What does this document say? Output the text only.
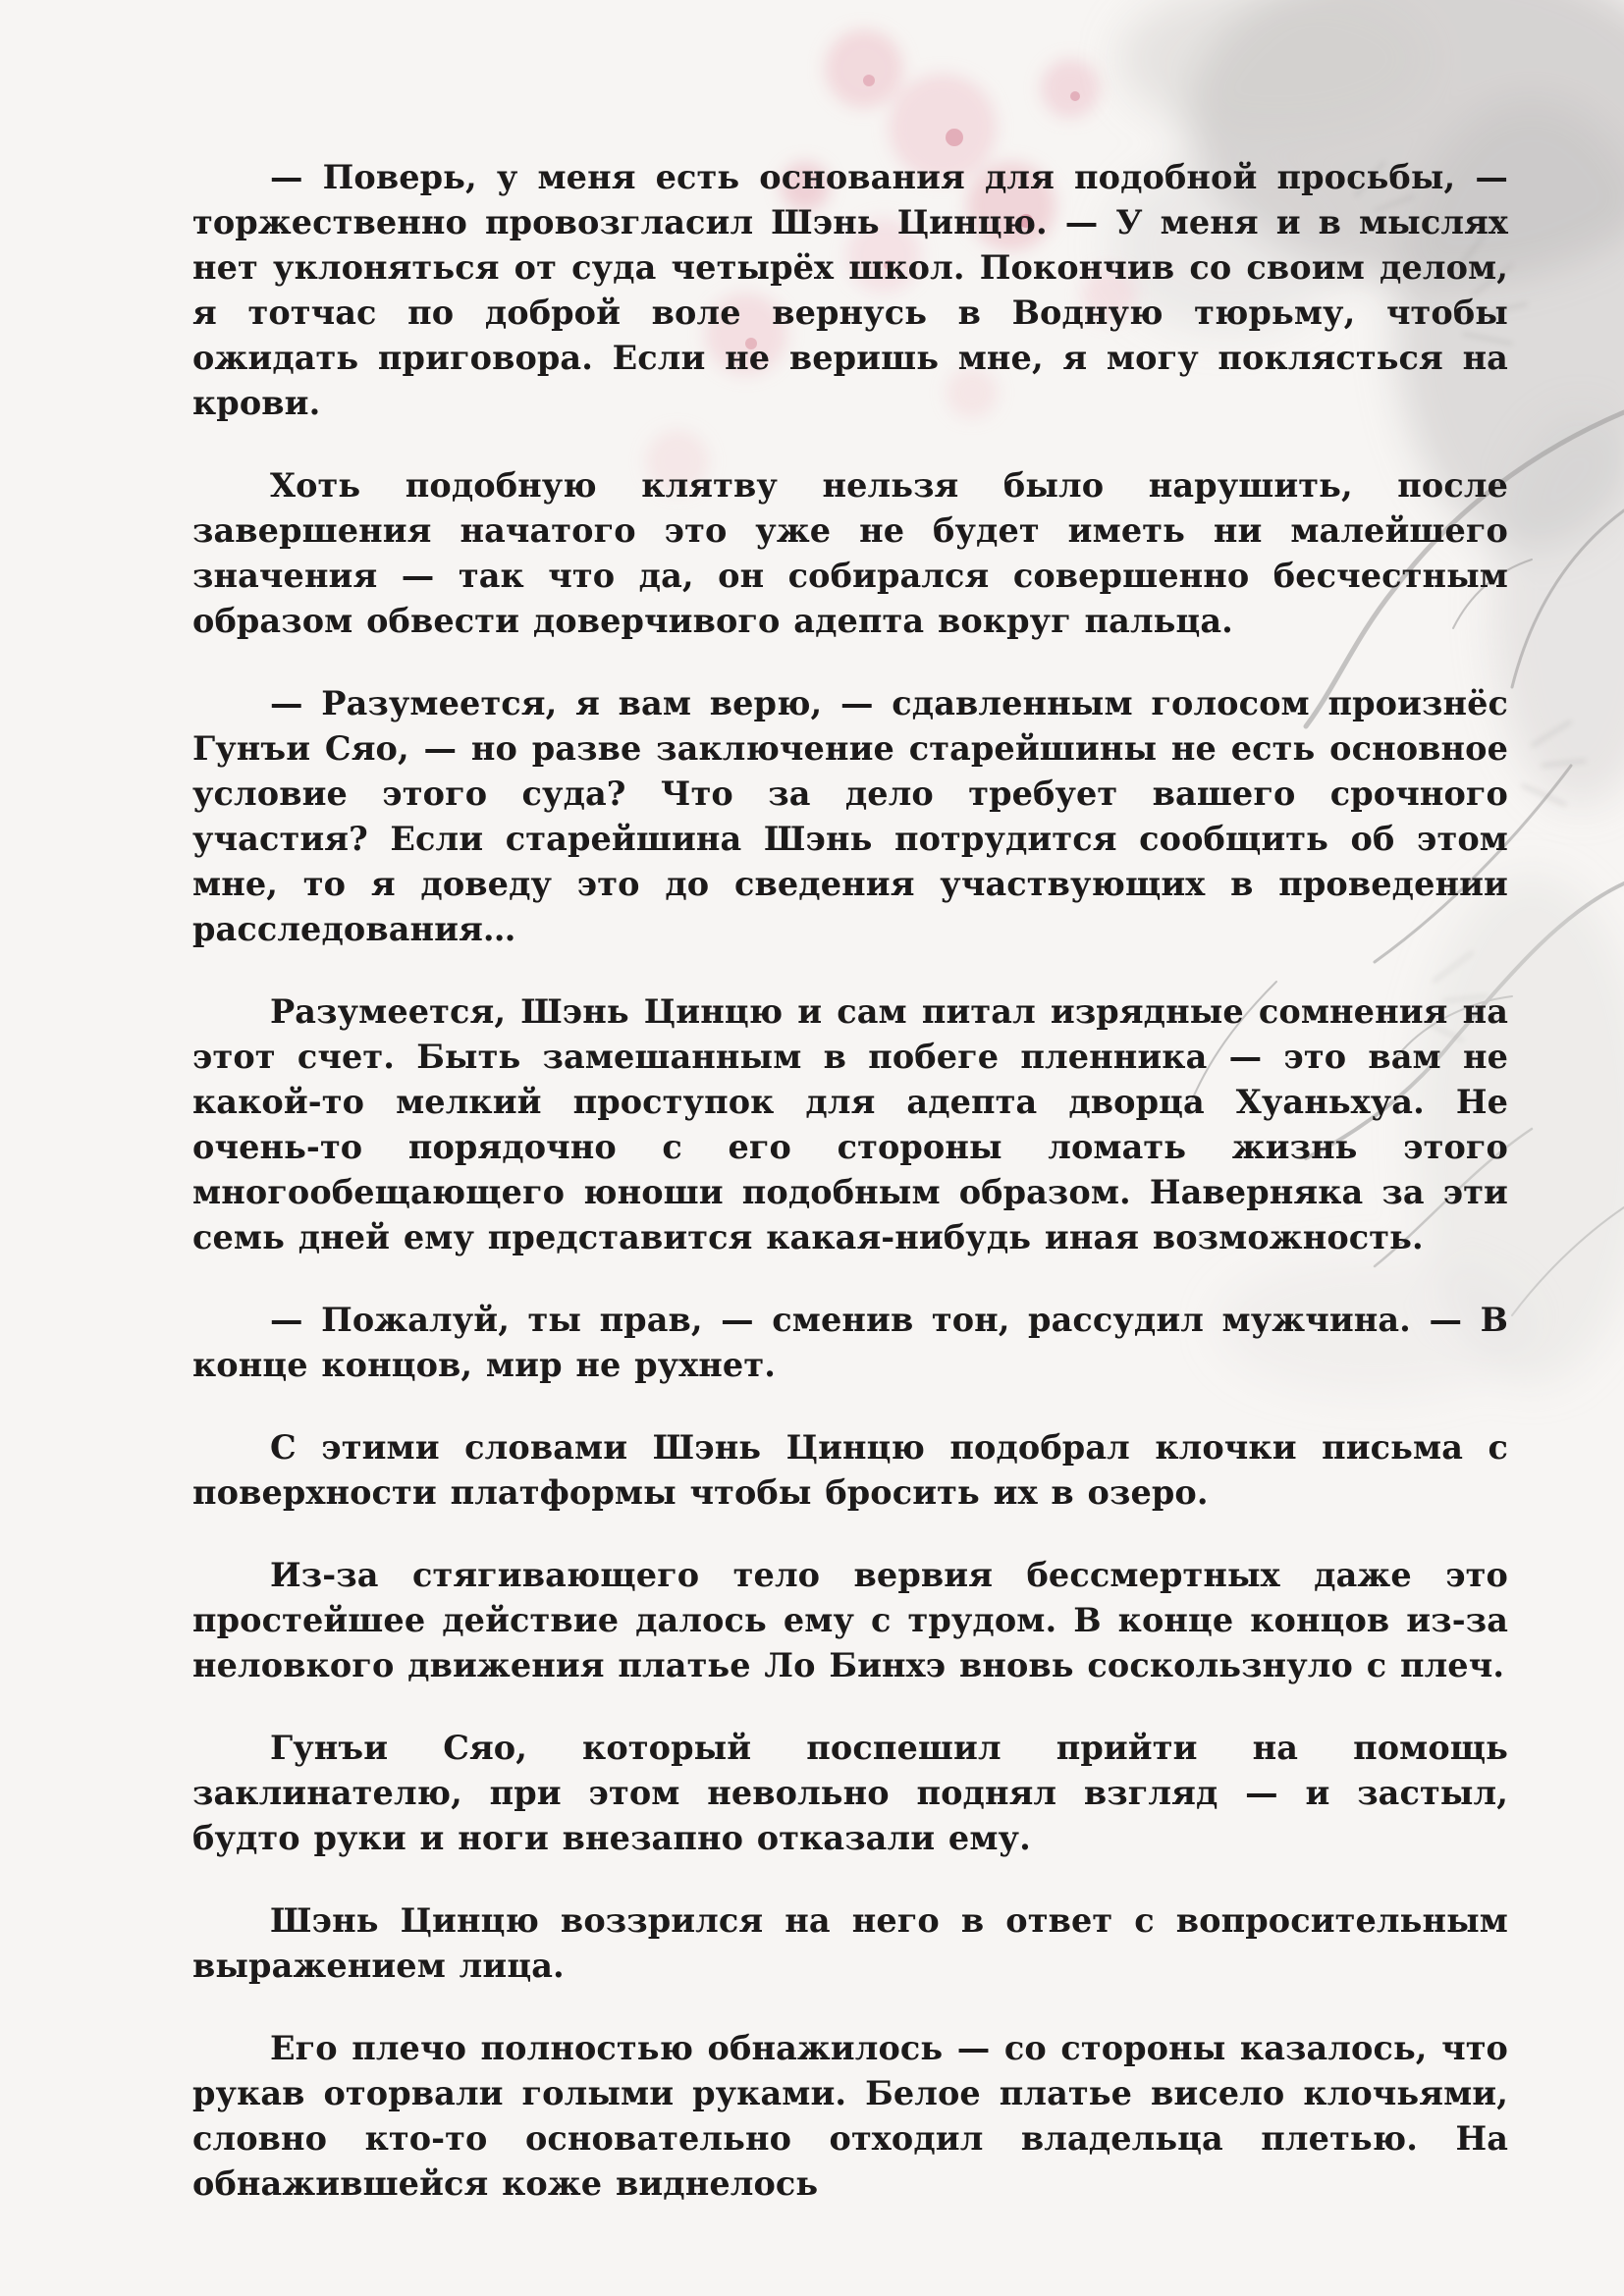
— Поверь, у меня есть основания для подобной просьбы, — торжественно провозгласил Шэнь Цинцю. — У меня и в мыслях нет уклоняться от суда четырёх школ. Покончив со своим делом, я тотчас по доброй воле вернусь в Водную тюрьму, чтобы ожидать приговора. Если не веришь мне, я могу поклясться на крови.

Хоть подобную клятву нельзя было нарушить, после завершения начатого это уже не будет иметь ни малейшего значения — так что да, он собирался совершенно бесчестным образом обвести доверчивого адепта вокруг пальца.

— Разумеется, я вам верю, — сдавленным голосом произнёс Гунъи Сяо, — но разве заключение старейшины не есть основное условие этого суда? Что за дело требует вашего срочного участия? Если старейшина Шэнь потрудится сообщить об этом мне, то я доведу это до сведения участвующих в проведении расследования…

Разумеется, Шэнь Цинцю и сам питал изрядные сомнения на этот счет. Быть замешанным в побеге пленника — это вам не какой-то мелкий проступок для адепта дворца Хуаньхуа. Не очень-то порядочно с его стороны ломать жизнь этого многообещающего юноши подобным образом. Наверняка за эти семь дней ему представится какая-нибудь иная возможность.

— Пожалуй, ты прав, — сменив тон, рассудил мужчина. — В конце концов, мир не рухнет.

С этими словами Шэнь Цинцю подобрал клочки письма с поверхности платформы чтобы бросить их в озеро.

Из-за стягивающего тело вервия бессмертных даже это простейшее действие далось ему с трудом. В конце концов из-за неловкого движения платье Ло Бинхэ вновь соскользнуло с плеч.

Гунъи Сяо, который поспешил прийти на помощь заклинателю, при этом невольно поднял взгляд — и застыл, будто руки и ноги внезапно отказали ему.

Шэнь Цинцю воззрился на него в ответ с вопросительным выражением лица.

Его плечо полностью обнажилось — со стороны казалось, что рукав оторвали голыми руками. Белое платье висело клочьями, словно кто-то основательно отходил владельца плетью. На обнажившейся коже виднелось
